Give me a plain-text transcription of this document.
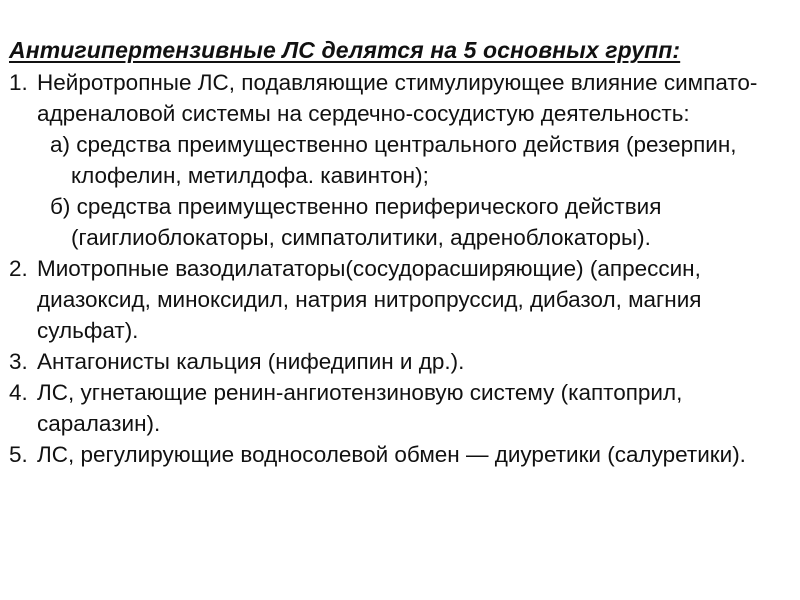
Антигипертензивные ЛС делятся на 5 основных групп:
1. Нейротропные ЛС, подавляющие стимулирующее влияние симпато-адреналовой системы на сердечно-сосудистую деятельность:
а) средства преимущественно центрального действия (резерпин, клофелин, метилдофа. кавинтон);
б) средства преимущественно периферического действия (гаиглиоблокаторы, симпатолитики, адреноблокаторы).
2. Миотропные вазодилататоры(сосудорасширяющие) (апрессин, диазоксид, миноксидил, натрия нитропруссид, дибазол, магния сульфат).
3. Антагонисты кальция (нифедипин и др.).
4. ЛС, угнетающие ренин-ангиотензиновую систему (каптоприл, саралазин).
5. ЛС, регулирующие водносолевой обмен — диуретики (салуретики).
